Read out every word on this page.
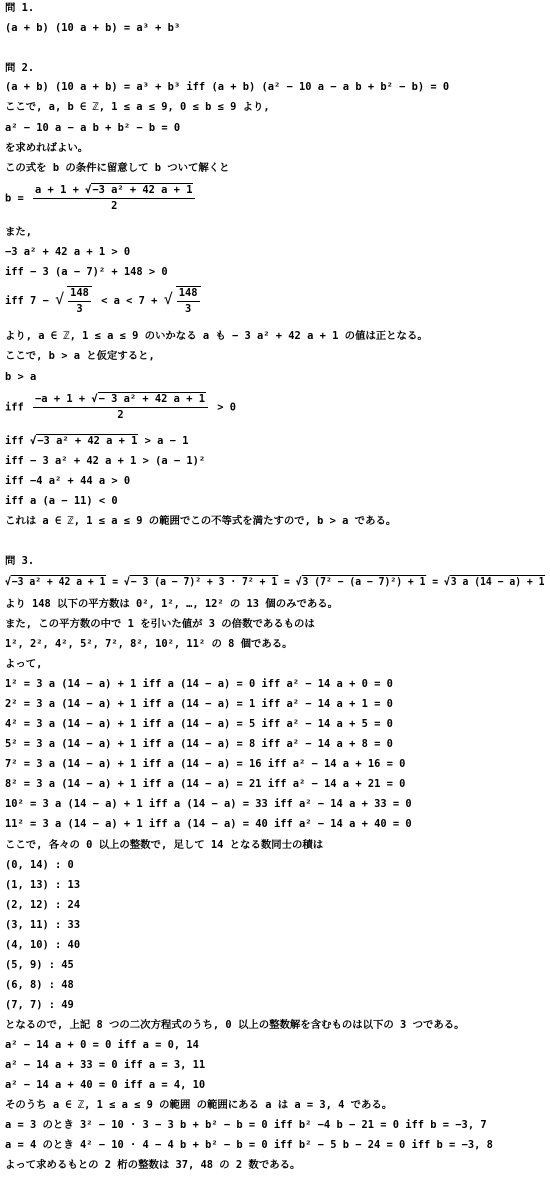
問 1.
(a + b) (10 a + b) = a³ + b³
問 2.
(a + b) (10 a + b) = a³ + b³ iff (a + b) (a² − 10 a − a b + b² − b) = 0
ここで, a, b ∈ ℤ, 1 ≤ a ≤ 9, 0 ≤ b ≤ 9 より,
a² − 10 a − a b + b² − b = 0
を求めればよい。
この式を b の条件に留意して b ついて解くと
$b = \frac{\text{a + 1 + √−3 a² + 42 a + 1}}{2}$
また,
−3 a² + 42 a + 1 > 0
iff − 3 (a − 7)² + 148 > 0
iff 7 − √ $\frac{148}{3} < a < 7$ + √ $\frac{148}{3}$
より, a ∈ ℤ, 1 ≤ a ≤ 9 のいかなる a も − 3 a² + 42 a + 1 の値は正となる。
ここで, b > a と仮定すると,
b > a
iff $\frac{\text{−a + 1 + √− 3 a² + 42 a + 1}}{2} > 0$
iff √−3 a² + 42 a + 1 > a − 1
iff − 3 a² + 42 a + 1 > (a − 1)²
iff −4 a² + 44 a > 0
iff a (a − 11) < 0
これは a ∈ ℤ, 1 ≤ a ≤ 9 の範囲でこの不等式を満たすので, b > a である。
問 3.
√−3 a² + 42 a + 1 = √− 3 (a − 7)² + 3 · 7² + 1 = √3 (7² − (a − 7)²) + 1 = √3 a (14 − a) + 1
より 148 以下の平方数は 0², 1², …, 12² の 13 個のみである。
また, この平方数の中で 1 を引いた値が 3 の倍数であるものは
1², 2², 4², 5², 7², 8², 10², 11² の 8 個である。
よって,
1² = 3 a (14 − a) + 1 iff a (14 − a) = 0 iff a² − 14 a + 0 = 0
2² = 3 a (14 − a) + 1 iff a (14 − a) = 1 iff a² − 14 a + 1 = 0
4² = 3 a (14 − a) + 1 iff a (14 − a) = 5 iff a² − 14 a + 5 = 0
5² = 3 a (14 − a) + 1 iff a (14 − a) = 8 iff a² − 14 a + 8 = 0
7² = 3 a (14 − a) + 1 iff a (14 − a) = 16 iff a² − 14 a + 16 = 0
8² = 3 a (14 − a) + 1 iff a (14 − a) = 21 iff a² − 14 a + 21 = 0
10² = 3 a (14 − a) + 1 iff a (14 − a) = 33 iff a² − 14 a + 33 = 0
11² = 3 a (14 − a) + 1 iff a (14 − a) = 40 iff a² − 14 a + 40 = 0
ここで, 各々の 0 以上の整数で, 足して 14 となる数同士の積は
(0, 14) : 0
(1, 13) : 13
(2, 12) : 24
(3, 11) : 33
(4, 10) : 40
(5, 9) : 45
(6, 8) : 48
(7, 7) : 49
となるので, 上記 8 つの二次方程式のうち, 0 以上の整数解を含むものは以下の 3 つである。
a² − 14 a + 0 = 0 iff a = 0, 14
a² − 14 a + 33 = 0 iff a = 3, 11
a² − 14 a + 40 = 0 iff a = 4, 10
そのうち a ∈ ℤ, 1 ≤ a ≤ 9 の範囲 の範囲にある a は a = 3, 4 である。
a = 3 のとき 3² − 10 · 3 − 3 b + b² − b = 0 iff b² −4 b − 21 = 0 iff b = −3, 7
a = 4 のとき 4² − 10 · 4 − 4 b + b² − b = 0 iff b² − 5 b − 24 = 0 iff b = −3, 8
よって求めるもとの 2 桁の整数は 37, 48 の 2 数である。
